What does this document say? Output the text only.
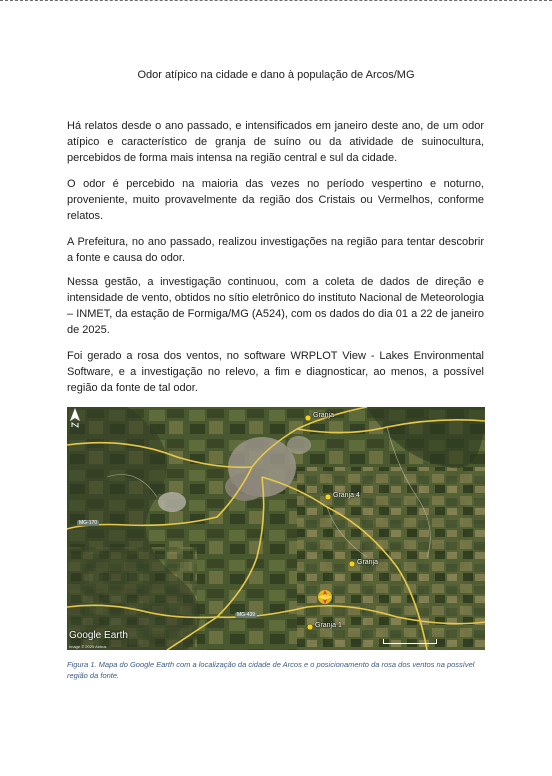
Odor atípico na cidade e dano à população de Arcos/MG

Há relatos desde o ano passado, e intensificados em janeiro deste ano, de um odor atípico e característico de granja de suíno ou da atividade de suinocultura, percebidos de forma mais intensa na região central e sul da cidade.

O odor é percebido na maioria das vezes no período vespertino e noturno, proveniente, muito provavelmente da região dos Cristais ou Vermelhos, conforme relatos.

A Prefeitura, no ano passado, realizou investigações na região para tentar descobrir a fonte e causa do odor.

Nessa gestão, a investigação continuou, com a coleta de dados de direção e intensidade de vento, obtidos no sítio eletrônico do instituto Nacional de Meteorologia – INMET, da estação de Formiga/MG (A524), com os dados do dia 01 a 22 de janeiro de 2025.

Foi gerado a rosa dos ventos, no software WRPLOT View - Lakes Environmental Software, e a investigação no relevo, a fim e diagnosticar, ao menos, a possível região da fonte de tal odor.

Granja
Granja 4
Granja
Granja 1
MG-170
MG-439
Google Earth
Image © 2025 Airbus

Figura 1. Mapa do Google Earth com a localização da cidade de Arcos e o posicionamento da rosa dos ventos na possível região da fonte.
